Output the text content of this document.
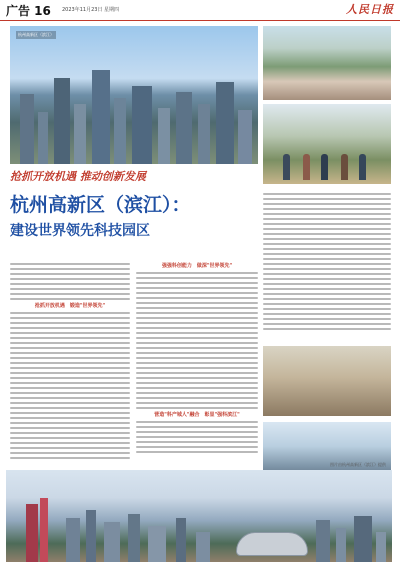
广告 16 2023年11月23日 星期四	人民日报
杭州高新区（滨江）
抢抓开放机遇 推动创新发展
杭州高新区（滨江）：
建设世界领先科技园区
抢抓开放机遇　锻造"世界领先"
强强科创能力　做深"世界领先"
营造"科产城人"融合　彰显"强科滨江"
图片由杭州高新区（滨江）提供
